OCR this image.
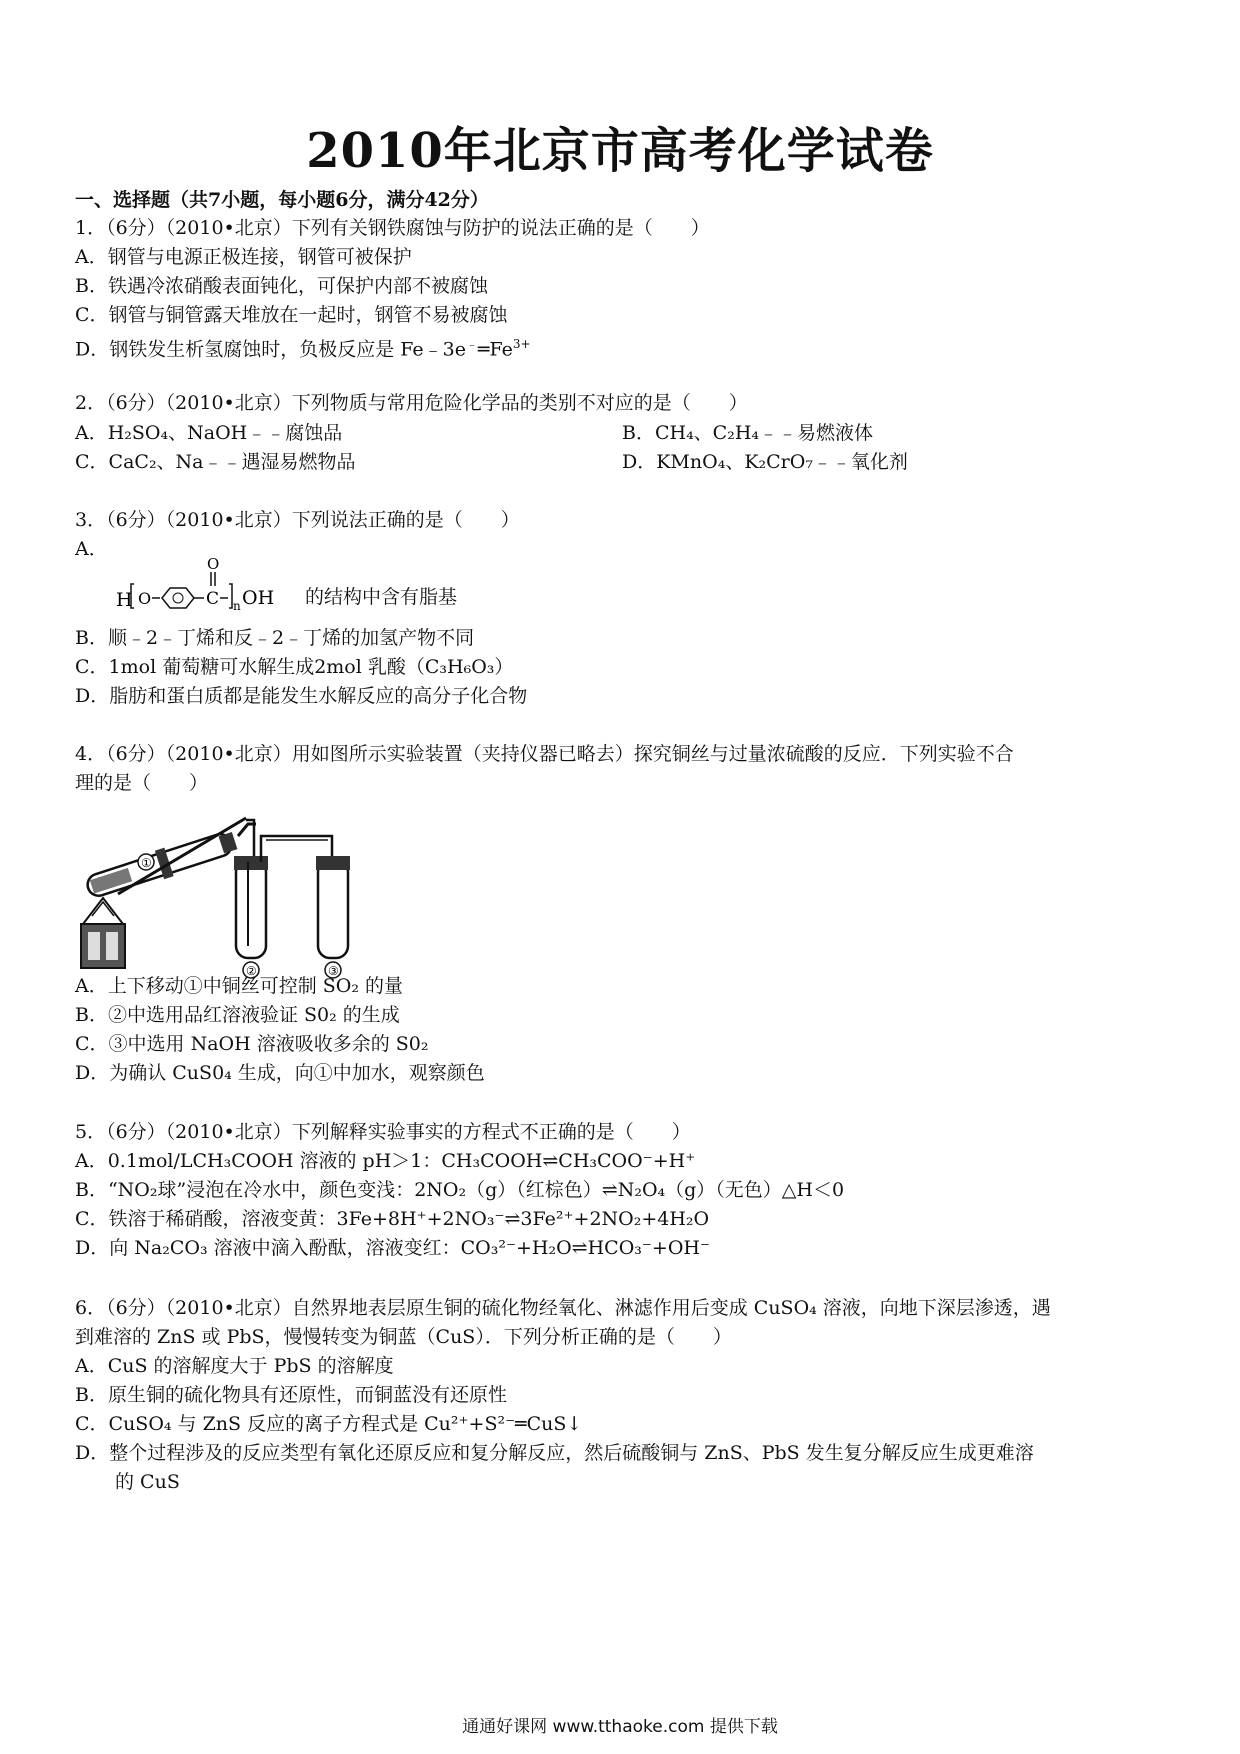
2010年北京市高考化学试卷
一、选择题（共7小题，每小题6分，满分42分）
1．（6分）（2010•北京）下列有关钢铁腐蚀与防护的说法正确的是（　　）
A．钢管与电源正极连接，钢管可被保护
B．铁遇冷浓硝酸表面钝化，可保护内部不被腐蚀
C．钢管与铜管露天堆放在一起时，钢管不易被腐蚀
D．钢铁发生析氢腐蚀时，负极反应是 $Fe﹣3e^﹣═Fe^{3+}$
2．（6分）（2010•北京）下列物质与常用危险化学品的类别不对应的是（　　）
A．H₂SO₄、NaOH﹣﹣腐蚀品	B．CH₄、C₂H₄﹣﹣易燃液体
C．CaC₂、Na﹣﹣遇湿易燃物品	D．KMnO₄、K₂CrO₇﹣﹣氧化剂
3．（6分）（2010•北京）下列说法正确的是（　　）
A．
H O	C
O
n OH 的结构中含有脂基
B．顺﹣2﹣丁烯和反﹣2﹣丁烯的加氢产物不同
C．1mol 葡萄糖可水解生成2mol 乳酸（C₃H₆O₃）
D．脂肪和蛋白质都是能发生水解反应的高分子化合物
4．（6分）（2010•北京）用如图所示实验装置（夹持仪器已略去）探究铜丝与过量浓硫酸的反应．下列实验不合
理的是（　　）
①
②	③
A．上下移动①中铜丝可控制 SO₂ 的量
B．②中选用品红溶液验证 S0₂ 的生成
C．③中选用 NaOH 溶液吸收多余的 S0₂
D．为确认 CuS0₄ 生成，向①中加水，观察颜色
5．（6分）（2010•北京）下列解释实验事实的方程式不正确的是（　　）
A．0.1mol/LCH₃COOH 溶液的 pH＞1：CH₃COOH⇌CH₃COO⁻+H⁺
B．“NO₂球”浸泡在冷水中，颜色变浅：2NO₂（g）（红棕色）⇌N₂O₄（g）（无色）△H＜0
C．铁溶于稀硝酸，溶液变黄：3Fe+8H⁺+2NO₃⁻⇌3Fe²⁺+2NO₂+4H₂O
D．向 Na₂CO₃ 溶液中滴入酚酞，溶液变红：CO₃²⁻+H₂O⇌HCO₃⁻+OH⁻
6．（6分）（2010•北京）自然界地表层原生铜的硫化物经氧化、淋滤作用后变成 CuSO₄ 溶液，向地下深层渗透，遇
到难溶的 ZnS 或 PbS，慢慢转变为铜蓝（CuS）．下列分析正确的是（　　）
A．CuS 的溶解度大于 PbS 的溶解度
B．原生铜的硫化物具有还原性，而铜蓝没有还原性
C．CuSO₄ 与 ZnS 反应的离子方程式是 Cu²⁺+S²⁻═CuS↓
D．整个过程涉及的反应类型有氧化还原反应和复分解反应，然后硫酸铜与 ZnS、PbS 发生复分解反应生成更难溶
的 CuS
通通好课网 www.tthaoke.com 提供下载
